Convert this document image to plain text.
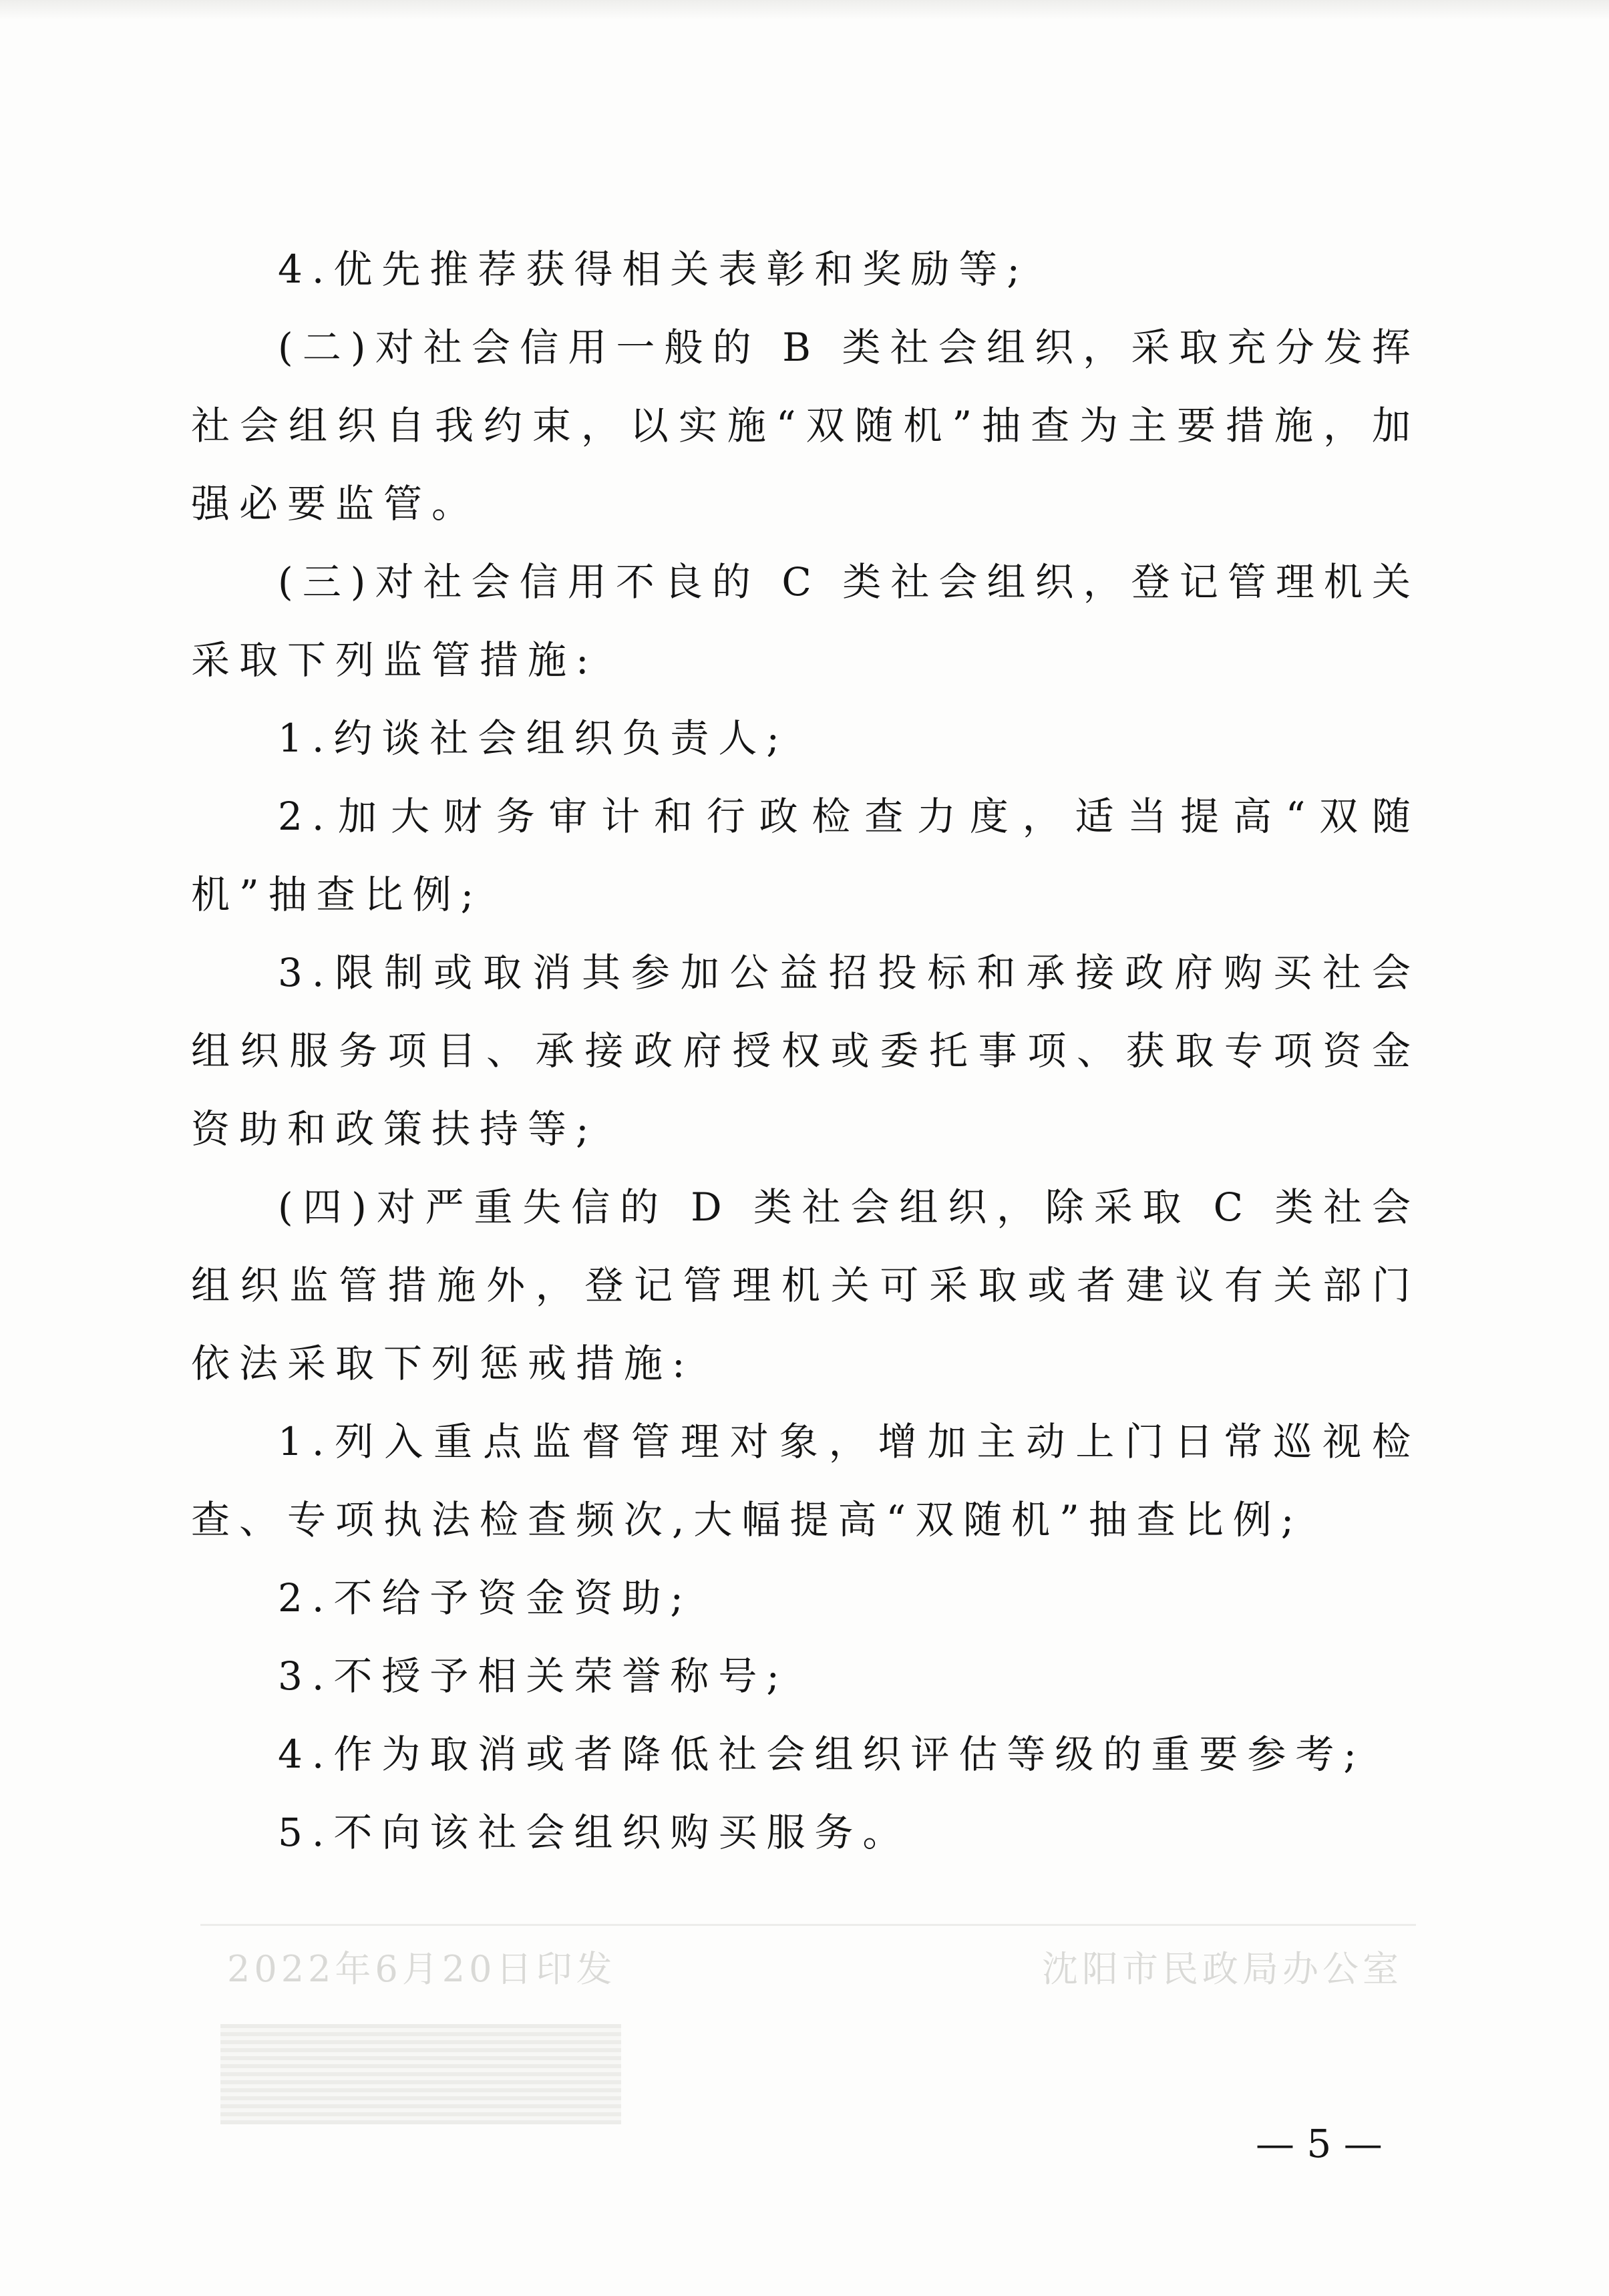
沈阳市民政局办公室
2022年6月20日印发

4.优先推荐获得相关表彰和奖励等;

(二)对社会信用一般的 B 类社会组织，采取充分发挥社会组织自我约束，以实施“双随机”抽查为主要措施，加强必要监管。

(三)对社会信用不良的 C 类社会组织，登记管理机关采取下列监管措施:

1.约谈社会组织负责人;

2.加大财务审计和行政检查力度，适当提高“双随机”抽查比例;

3.限制或取消其参加公益招投标和承接政府购买社会组织服务项目、承接政府授权或委托事项、获取专项资金资助和政策扶持等;

(四)对严重失信的 D 类社会组织，除采取 C 类社会组织监管措施外，登记管理机关可采取或者建议有关部门依法采取下列惩戒措施:

1.列入重点监督管理对象，增加主动上门日常巡视检查、专项执法检查频次,大幅提高“双随机”抽查比例;

2.不给予资金资助;

3.不授予相关荣誉称号;

4.作为取消或者降低社会组织评估等级的重要参考;

5.不向该社会组织购买服务。

— 5 —
